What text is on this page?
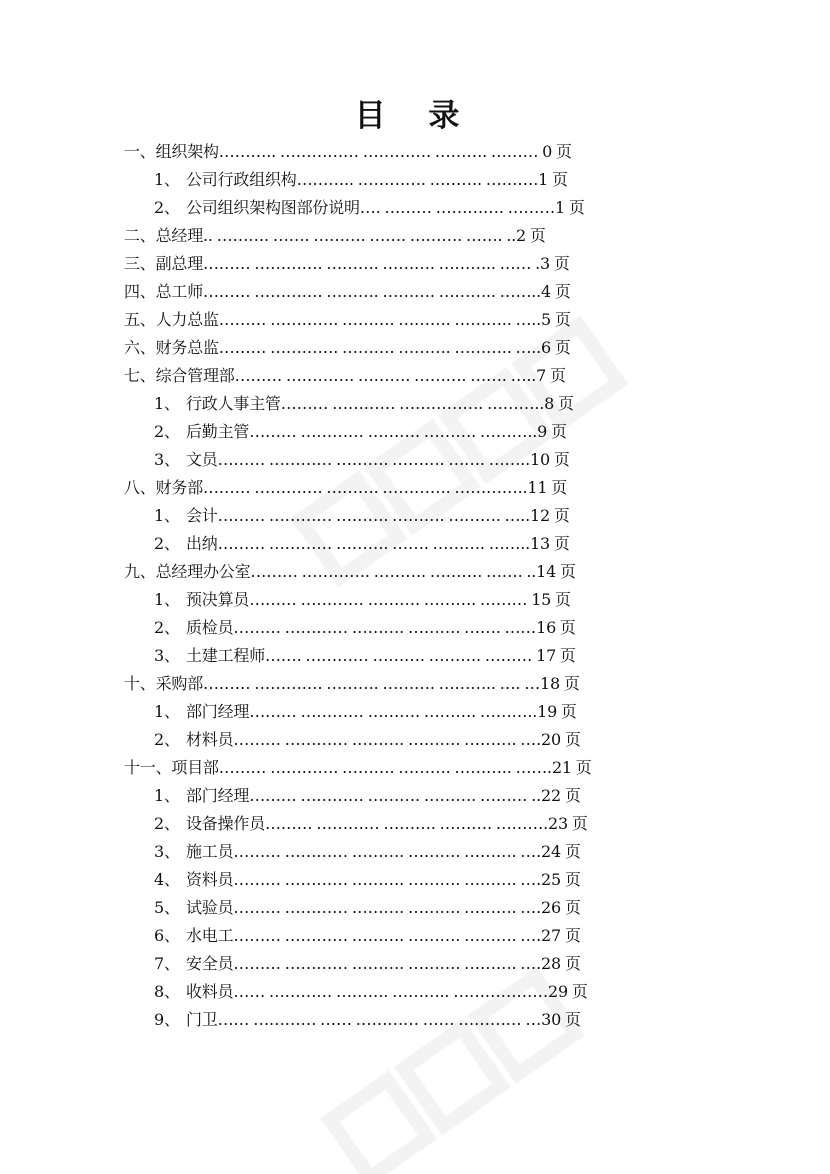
目 录
一、组织架构……….. …………… …………. ………. ……… 0 页
1、 公司行政组织构……….. …………. ………. ……….1 页
2、 公司组织架构图部份说明…. ……… …………. ………1 页
二、总经理.. ………. ……. ………. ……. ………. ……. ..2 页
三、副总理……… …………. ………. ………. ……….. …… .3 页
四、总工师……… …………. ………. ………. ……….. ……..4 页
五、人力总监……… …………. ………. ………. ……….. …..5 页
六、财务总监……… …………. ………. ………. ……….. …..6 页
七、综合管理部……… …………. ………. ………. ……. …..7 页
1、 行政人事主管……… ………… ……………. ………..8 页
2、 后勤主管……… ………… ………. ………. ………..9 页
3、 文员……… ………… ………. ………. ……. ……..10 页
八、财务部……… …………. ………. …………. …………..11 页
1、 会计……… ………… ………. ………. ………. …..12 页
2、 出纳……… ………… ………. ……. ………. ……..13 页
九、总经理办公室……… …………. ………. ………. ……. ..14 页
1、 预决算员……… ………… ………. ………. ……… 15 页
2、 质检员……… ………… ………. ………. ……. ……16 页
3、 土建工程师……. ………… ………. ………. ……… 17 页
十、采购部……… …………. ………. ………. ……….. …. …18 页
1、 部门经理……… ………… ………. ………. ………..19 页
2、 材料员……… ………… ………. ………. ………. ….20 页
十一、项目部……… …………. ………. ………. ……….. …….21 页
1、 部门经理……… ………… ………. ………. ……… ..22 页
2、 设备操作员……… ………… ………. ………. ……….23 页
3、 施工员……… ………… ………. ………. ………. ….24 页
4、 资料员……… ………… ………. ………. ………. ….25 页
5、 试验员……… ………… ………. ………. ………. ….26 页
6、 水电工……… ………… ………. ………. ………. ….27 页
7、 安全员……… ………… ………. ………. ………. ….28 页
8、 收料员…… ………… ………. ……….. ………………29 页
9、 门卫…… ………… …… ………… …… ………… …30 页
